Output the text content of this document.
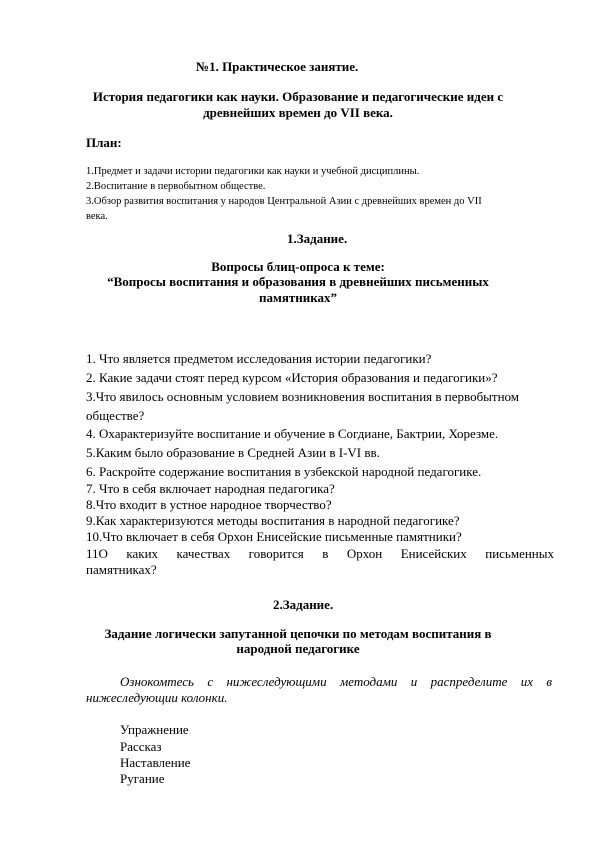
№1. Практическое занятие.
История педагогики как науки. Образование и педагогические идеи с
древнейших времен до VII века.
План:
1.Предмет и задачи истории педагогики как науки и учебной дисциплины.
2.Воспитание в первобытном обществе.
3.Обзор развития воспитания у народов Центральной Азии с древнейших времен до VII
века.
1.Задание.
Вопросы блиц-опроса к теме:
“Вопросы воспитания и образования в древнейших письменных
памятниках”
1. Что является предметом исследования истории педагогики?
2. Какие задачи стоят перед курсом «История образования и педагогики»?
3.Что явилось основным условием возникновения воспитания в первобытном
обществе?
4. Охарактеризуйте воспитание и обучение в Согдиане, Бактрии, Хорезме.
5.Каким было образование в Средней Азии в I-VI вв.
6. Раскройте содержание воспитания в узбекской народной педагогике.
7. Что в себя включает народная педагогика?
8.Что входит в устное народное творчество?
9.Как характеризуются методы воспитания в народной педагогике?
10.Что включает в себя Орхон Енисейские письменные памятники?
11О каких качествах говорится в Орхон Енисейских письменных
памятниках?
2.Задание.
Задание логически запутанной цепочки по методам воспитания в
народной педагогике
Ознокомтесь с нижеследующими методами и распределите их в
нижеследующии колонки.
Упражнение
Рассказ
Наставление
Ругание
